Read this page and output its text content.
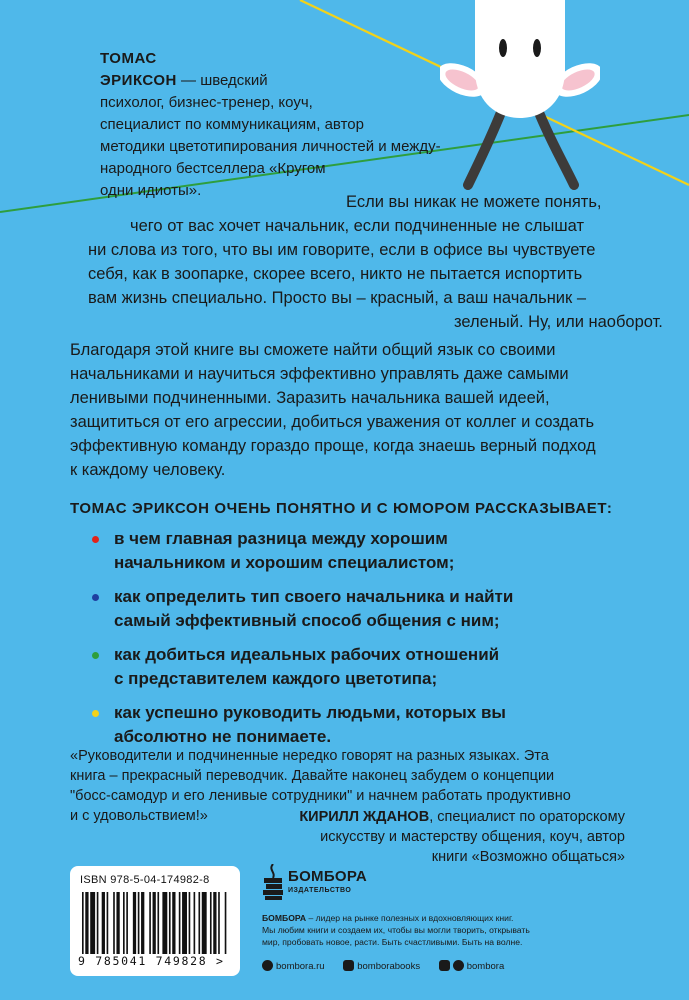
ТОМАС
ЭРИКСОН — шведский
психолог, бизнес-тренер, коуч,
специалист по коммуникациям, автор
методики цветотипирования личностей и между-
народного бестселлера «Кругом
одни идиоты».
Если вы никак не можете понять,
чего от вас хочет начальник, если подчиненные не слышат
ни слова из того, что вы им говорите, если в офисе вы чувствуете
себя, как в зоопарке, скорее всего, никто не пытается испортить
вам жизнь специально. Просто вы – красный, а ваш начальник –
зеленый. Ну, или наоборот.
Благодаря этой книге вы сможете найти общий язык со своими
начальниками и научиться эффективно управлять даже самыми
ленивыми подчиненными. Заразить начальника вашей идеей,
защититься от его агрессии, добиться уважения от коллег и создать
эффективную команду гораздо проще, когда знаешь верный подход
к каждому человеку.
ТОМАС ЭРИКСОН ОЧЕНЬ ПОНЯТНО И С ЮМОРОМ РАССКАЗЫВАЕТ:
в чем главная разница между хорошим
начальником и хорошим специалистом;
как определить тип своего начальника и найти
самый эффективный способ общения с ним;
как добиться идеальных рабочих отношений
с представителем каждого цветотипа;
как успешно руководить людьми, которых вы
абсолютно не понимаете.
«Руководители и подчиненные нередко говорят на разных языках. Эта
книга – прекрасный переводчик. Давайте наконец забудем о концепции
"босс-самодур и его ленивые сотрудники" и начнем работать продуктивно
и с удовольствием!»	КИРИЛЛ ЖДАНОВ, специалист по ораторскому
искусству и мастерству общения, коуч, автор
книги «Возможно общаться»
ISBN 978-5-04-174982-8
9 785041 749828 >
БОМБОРА
ИЗДАТЕЛЬСТВО
БОМБОРА – лидер на рынке полезных и вдохновляющих книг.
Мы любим книги и создаем их, чтобы вы могли творить, открывать
мир, пробовать новое, расти. Быть счастливыми. Быть на волне.
bombora.ru	bomborabooks	bombora
